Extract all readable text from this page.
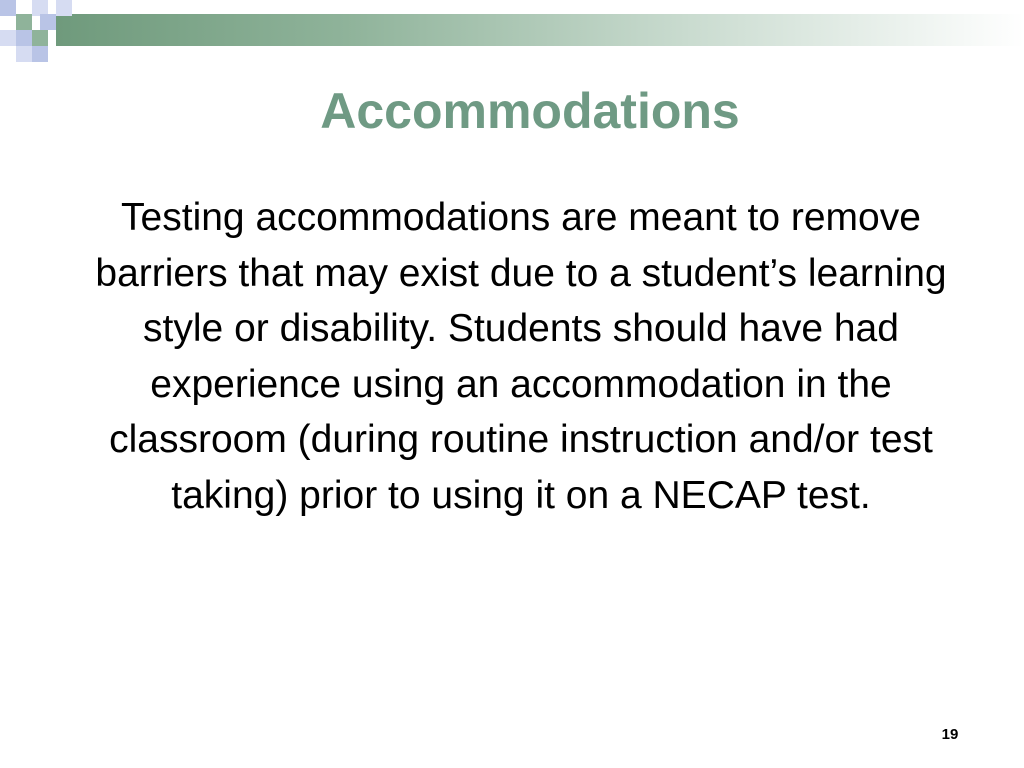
Accommodations

Testing accommodations are meant to remove barriers that may exist due to a student’s learning style or disability. Students should have had experience using an accommodation in the classroom (during routine instruction and/or test taking) prior to using it on a NECAP test.

19
